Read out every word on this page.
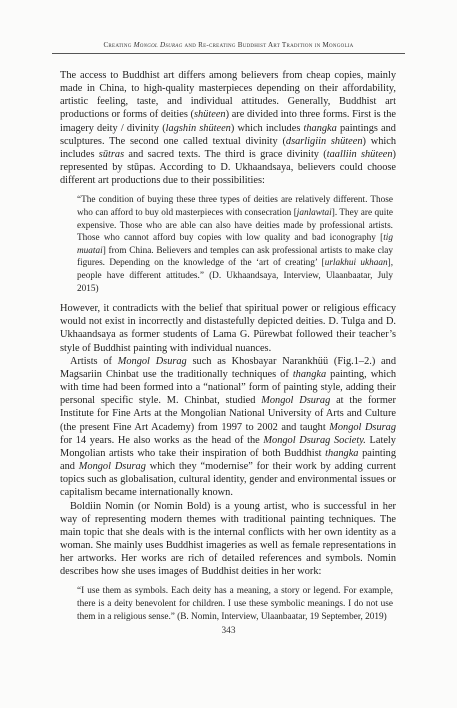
Creating Mongol Dsurag and Re-creating Buddhist Art Tradition in Mongolia

The access to Buddhist art differs among believers from cheap copies, mainly made in China, to high-quality masterpieces depending on their affordability, artistic feeling, taste, and individual attitudes. Generally, Buddhist art productions or forms of deities (shüteen) are divided into three forms. First is the imagery deity / divinity (lagshin shüteen) which includes thangka paintings and sculptures. The second one called textual divinity (dsarligiin shüteen) which includes sūtras and sacred texts. The third is grace divinity (taalliin shüteen) represented by stūpas. According to D. Ukhaandsaya, believers could choose different art productions due to their possibilities:

“The condition of buying these three types of deities are relatively different. Those who can afford to buy old masterpieces with consecration [janlawtai]. They are quite expensive. Those who are able can also have deities made by professional artists. Those who cannot afford buy copies with low quality and bad iconography [tig muatai] from China. Believers and temples can ask professional artists to make clay figures. Depending on the knowledge of the ‘art of creating’ [urlakhui ukhaan], people have different attitudes.” (D. Ukhaandsaya, Interview, Ulaanbaatar, July 2015)

However, it contradicts with the belief that spiritual power or religious efficacy would not exist in incorrectly and distastefully depicted deities. D. Tulga and D. Ukhaandsaya as former students of Lama G. Pürewbat followed their teacher’s style of Buddhist painting with individual nuances.

Artists of Mongol Dsurag such as Khosbayar Narankhüü (Fig.1–2.) and Magsariin Chinbat use the traditionally techniques of thangka painting, which with time had been formed into a “national” form of painting style, adding their personal specific style. M. Chinbat, studied Mongol Dsurag at the former Institute for Fine Arts at the Mongolian National University of Arts and Culture (the present Fine Art Academy) from 1997 to 2002 and taught Mongol Dsurag for 14 years. He also works as the head of the Mongol Dsurag Society. Lately Mongolian artists who take their inspiration of both Buddhist thangka painting and Mongol Dsurag which they “modernise” for their work by adding current topics such as globalisation, cultural identity, gender and environmental issues or capitalism became internationally known.

Boldiin Nomin (or Nomin Bold) is a young artist, who is successful in her way of representing modern themes with traditional painting techniques. The main topic that she deals with is the internal conflicts with her own identity as a woman. She mainly uses Buddhist imageries as well as female representations in her artworks. Her works are rich of detailed references and symbols. Nomin describes how she uses images of Buddhist deities in her work:

“I use them as symbols. Each deity has a meaning, a story or legend. For example, there is a deity benevolent for children. I use these symbolic meanings. I do not use them in a religious sense.” (B. Nomin, Interview, Ulaanbaatar, 19 September, 2019)

343
